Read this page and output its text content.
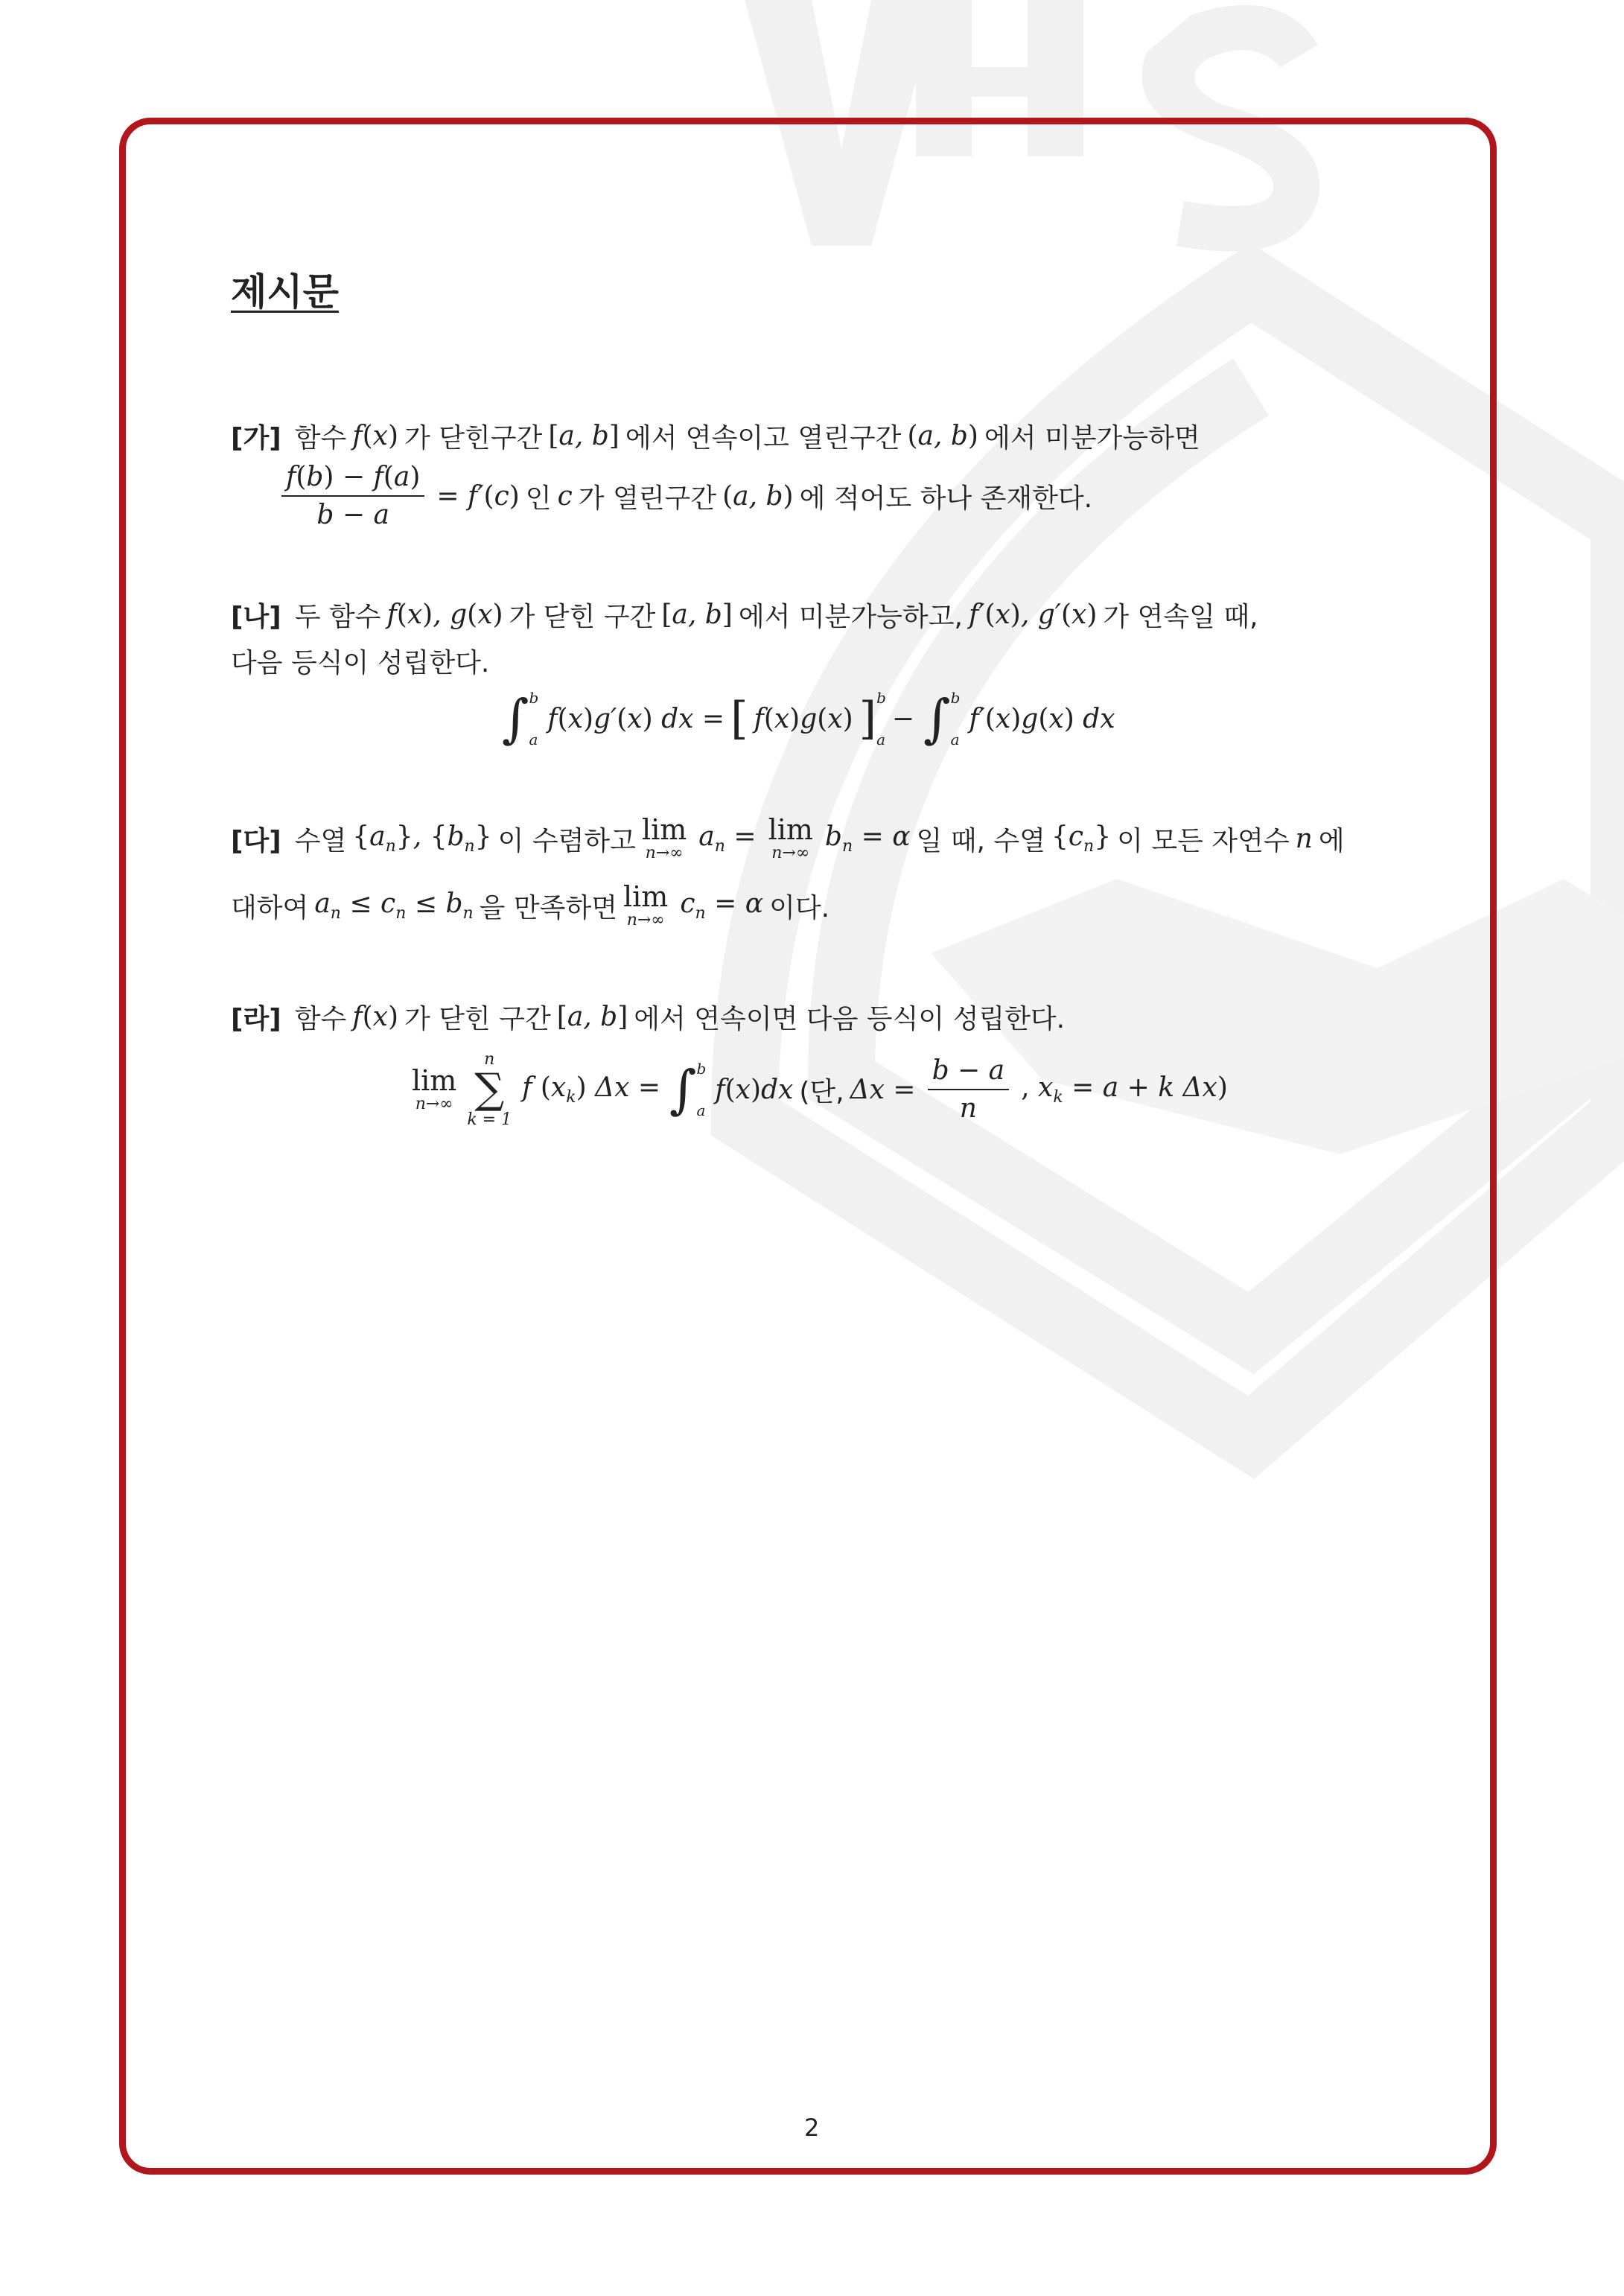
제시문
[가] 함수 f(x) 가 닫힌구간 [a, b] 에서 연속이고 열린구간 (a, b) 에서 미분가능하면
$\frac{f(b) - f(a)}{b - a} = f'(c)$ 인 c 가 열린구간 (a, b) 에 적어도 하나 존재한다.
[나] 두 함수 f(x), g(x) 가 닫힌 구간 [a, b] 에서 미분가능하고, f′(x), g′(x) 가 연속일 때,
다음 등식이 성립한다.
∫ b
a
f(x)g′(x) dx = [ f(x)g(x) ] b
a
− ∫ b
a
f′(x)g(x) dx
[다] 수열 $\{a_n\}$, $\{b_n\}$ 이 수렴하고 lim
n→∞
$a_n = \lim$
n→∞
$b_n = \alpha$ 일 때, 수열 $\{c_n\}$ 이 모든 자연수 n 에
대하여 $a_n \le c_n \le b_n$ 을 만족하면 lim
n→∞
$c_n = \alpha$ 이다.
[라] 함수 f(x) 가 닫힌 구간 [a, b] 에서 연속이면 다음 등식이 성립한다.
lim
n→∞
n
∑
k = 1
f $(x_k) \Delta x$ = ∫ b
a
f(x)dx (단, $\Delta x = \frac{b - a}{n}$ , $x_k = a + k$ Δx)
2
